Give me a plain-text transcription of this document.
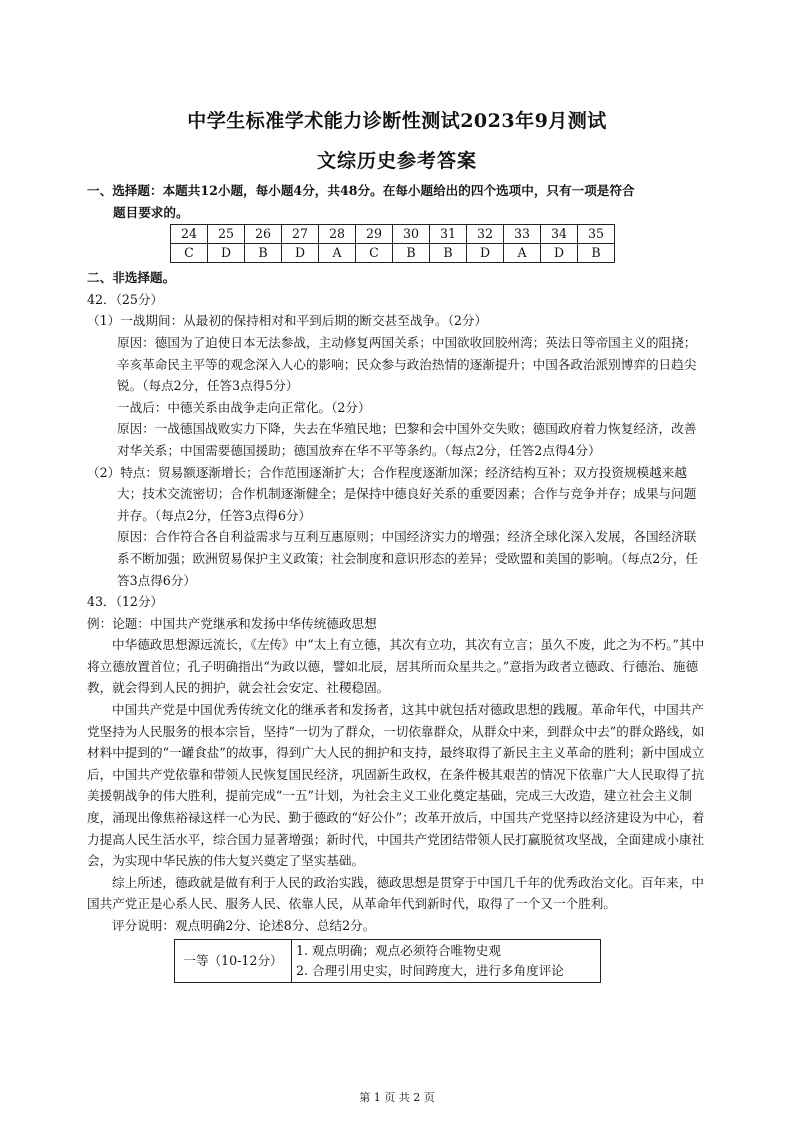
中学生标准学术能力诊断性测试2023年9月测试
文综历史参考答案
一、选择题：本题共12小题，每小题4分，共48分。在每小题给出的四个选项中，只有一项是符合
题目要求的。
24	25	26	27	28	29	30	31	32	33	34	35
C	D	B	D	A	C	B	B	D	A	D	B
二、非选择题。

42．（25分）

（1）一战期间：从最初的保持相对和平到后期的断交甚至战争。（2分）

原因：德国为了迫使日本无法参战，主动修复两国关系；中国欲收回胶州湾；英法日等帝国主义的阻挠；辛亥革命民主平等的观念深入人心的影响；民众参与政治热情的逐渐提升；中国各政治派别博弈的日趋尖锐。（每点2分，任答3点得5分）

一战后：中德关系由战争走向正常化。（2分）

原因：一战德国战败实力下降，失去在华殖民地；巴黎和会中国外交失败；德国政府着力恢复经济，改善对华关系；中国需要德国援助；德国放弃在华不平等条约。（每点2分，任答2点得4分）

（2）特点：贸易额逐渐增长；合作范围逐渐扩大；合作程度逐渐加深；经济结构互补；双方投资规模越来越大；技术交流密切；合作机制逐渐健全；是保持中德良好关系的重要因素；合作与竞争并存；成果与问题并存。（每点2分，任答3点得6分）

原因：合作符合各自利益需求与互利互惠原则；中国经济实力的增强；经济全球化深入发展，各国经济联系不断加强；欧洲贸易保护主义政策；社会制度和意识形态的差异；受欧盟和美国的影响。（每点2分，任答3点得6分）

43．（12分）

例：论题：中国共产党继承和发扬中华传统德政思想

中华德政思想源远流长，《左传》中“太上有立德，其次有立功，其次有立言；虽久不废，此之为不朽。”其中将立德放置首位；孔子明确指出“为政以德，譬如北辰，居其所而众星共之。”意指为政者立德政、行德治、施德教，就会得到人民的拥护，就会社会安定、社稷稳固。

中国共产党是中国优秀传统文化的继承者和发扬者，这其中就包括对德政思想的践履。革命年代，中国共产党坚持为人民服务的根本宗旨，坚持“一切为了群众，一切依靠群众，从群众中来，到群众中去”的群众路线，如材料中提到的“一罐食盐”的故事，得到广大人民的拥护和支持，最终取得了新民主主义革命的胜利；新中国成立后，中国共产党依靠和带领人民恢复国民经济，巩固新生政权，在条件极其艰苦的情况下依靠广大人民取得了抗美援朝战争的伟大胜利，提前完成“一五”计划，为社会主义工业化奠定基础，完成三大改造，建立社会主义制度，涌现出像焦裕禄这样一心为民、勤于德政的“好公仆”；改革开放后，中国共产党坚持以经济建设为中心，着力提高人民生活水平，综合国力显著增强；新时代，中国共产党团结带领人民打赢脱贫攻坚战，全面建成小康社会，为实现中华民族的伟大复兴奠定了坚实基础。

综上所述，德政就是做有利于人民的政治实践，德政思想是贯穿于中国几千年的优秀政治文化。百年来，中国共产党正是心系人民、服务人民、依靠人民，从革命年代到新时代，取得了一个又一个胜利。

评分说明：观点明确2分、论述8分、总结2分。

一等（10-12分）	
1. 观点明确；观点必须符合唯物史观
2. 合理引用史实，时间跨度大，进行多角度评论
第 1 页 共 2 页
